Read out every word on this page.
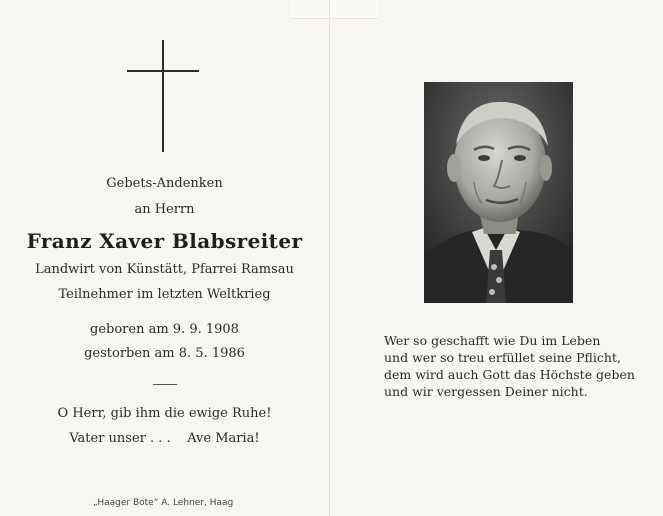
Gebets-Andenken
an Herrn
Franz Xaver Blabsreiter
Landwirt von Künstätt, Pfarrei Ramsau
Teilnehmer im letzten Weltkrieg
geboren am 9. 9. 1908
gestorben am 8. 5. 1986
O Herr, gib ihm die ewige Ruhe!
Vater unser . . .    Ave Maria!
„Haager Bote“ A. Lehner, Haag
Wer so geschafft wie Du im Leben
und wer so treu erfüllet seine Pflicht,
dem wird auch Gott das Höchste geben
und wir vergessen Deiner nicht.
